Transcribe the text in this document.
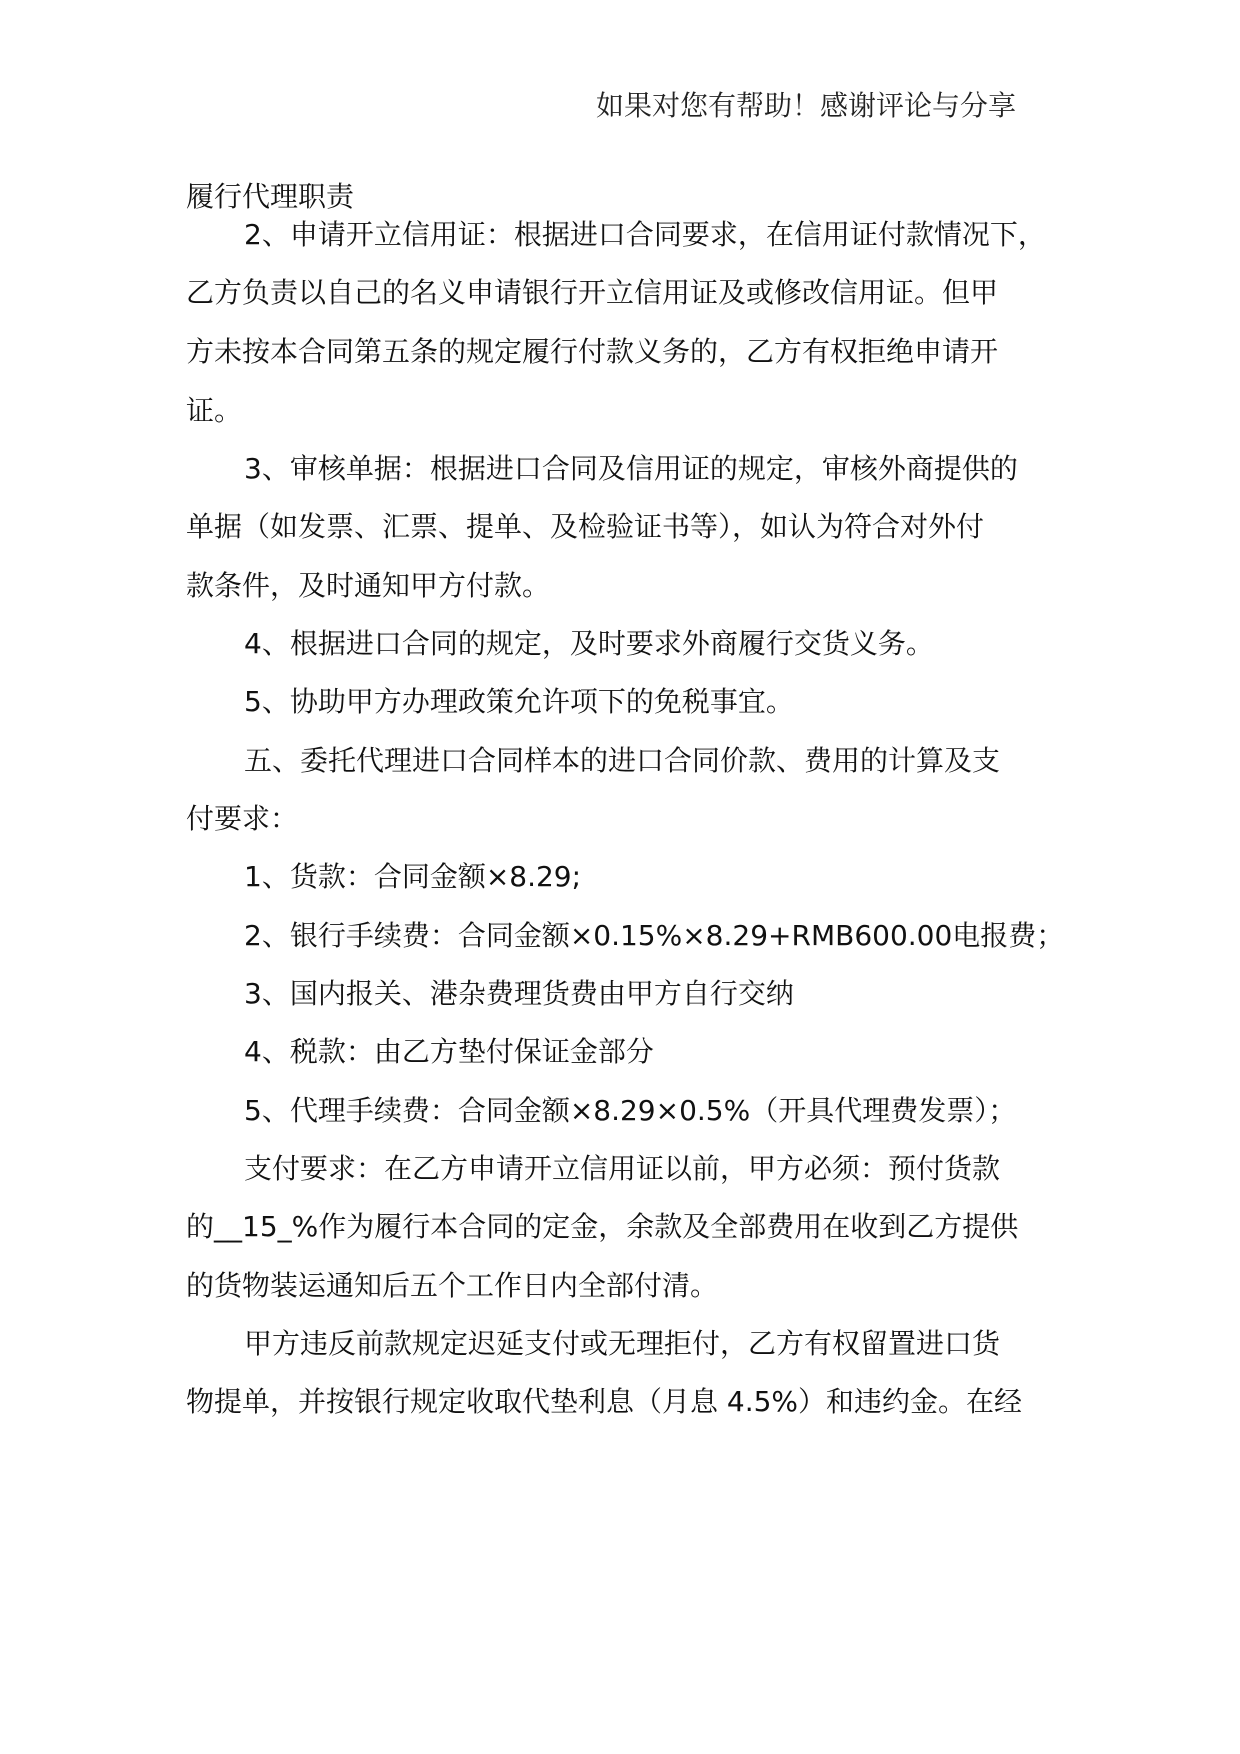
如果对您有帮助！感谢评论与分享
履行代理职责
2、申请开立信用证：根据进口合同要求，在信用证付款情况下，
乙方负责以自己的名义申请银行开立信用证及或修改信用证。但甲
方未按本合同第五条的规定履行付款义务的，乙方有权拒绝申请开
证。
3、审核单据：根据进口合同及信用证的规定，审核外商提供的
单据（如发票、汇票、提单、及检验证书等），如认为符合对外付
款条件，及时通知甲方付款。
4、根据进口合同的规定，及时要求外商履行交货义务。
5、协助甲方办理政策允许项下的免税事宜。
五、委托代理进口合同样本的进口合同价款、费用的计算及支
付要求：
1、货款：合同金额×8.29;
2、银行手续费：合同金额×0.15%×8.29+RMB600.00电报费；
3、国内报关、港杂费理货费由甲方自行交纳
4、税款：由乙方垫付保证金部分
5、代理手续费：合同金额×8.29×0.5%（开具代理费发票）；
支付要求：在乙方申请开立信用证以前，甲方必须：预付货款
的__15_%作为履行本合同的定金，余款及全部费用在收到乙方提供
的货物装运通知后五个工作日内全部付清。
甲方违反前款规定迟延支付或无理拒付，乙方有权留置进口货
物提单，并按银行规定收取代垫利息（月息 4.5%）和违约金。在经
